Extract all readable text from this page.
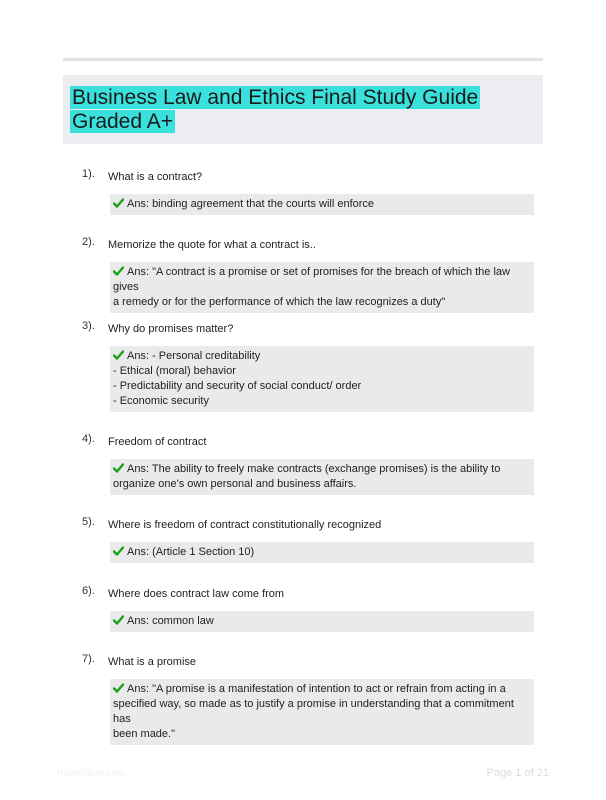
Business Law and Ethics Final Study Guide Graded A+
1). What is a contract?
Ans: binding agreement that the courts will enforce
2). Memorize the quote for what a contract is..
Ans: "A contract is a promise or set of promises for the breach of which the law gives
a remedy or for the performance of which the law recognizes a duty"
3). Why do promises matter?
Ans: - Personal creditability
- Ethical (moral) behavior
- Predictability and security of social conduct/ order
- Economic security
4). Freedom of contract
Ans: The ability to freely make contracts (exchange promises) is the ability to
organize one's own personal and business affairs.
5). Where is freedom of contract constitutionally recognized
Ans: (Article 1 Section 10)
6). Where does contract law come from
Ans: common law
7). What is a promise
Ans: "A promise is a manifestation of intention to act or refrain from acting in a
specified way, so made as to justify a promise in understanding that a commitment has
been made."
PaperBlue.com	Page 1 of 21
